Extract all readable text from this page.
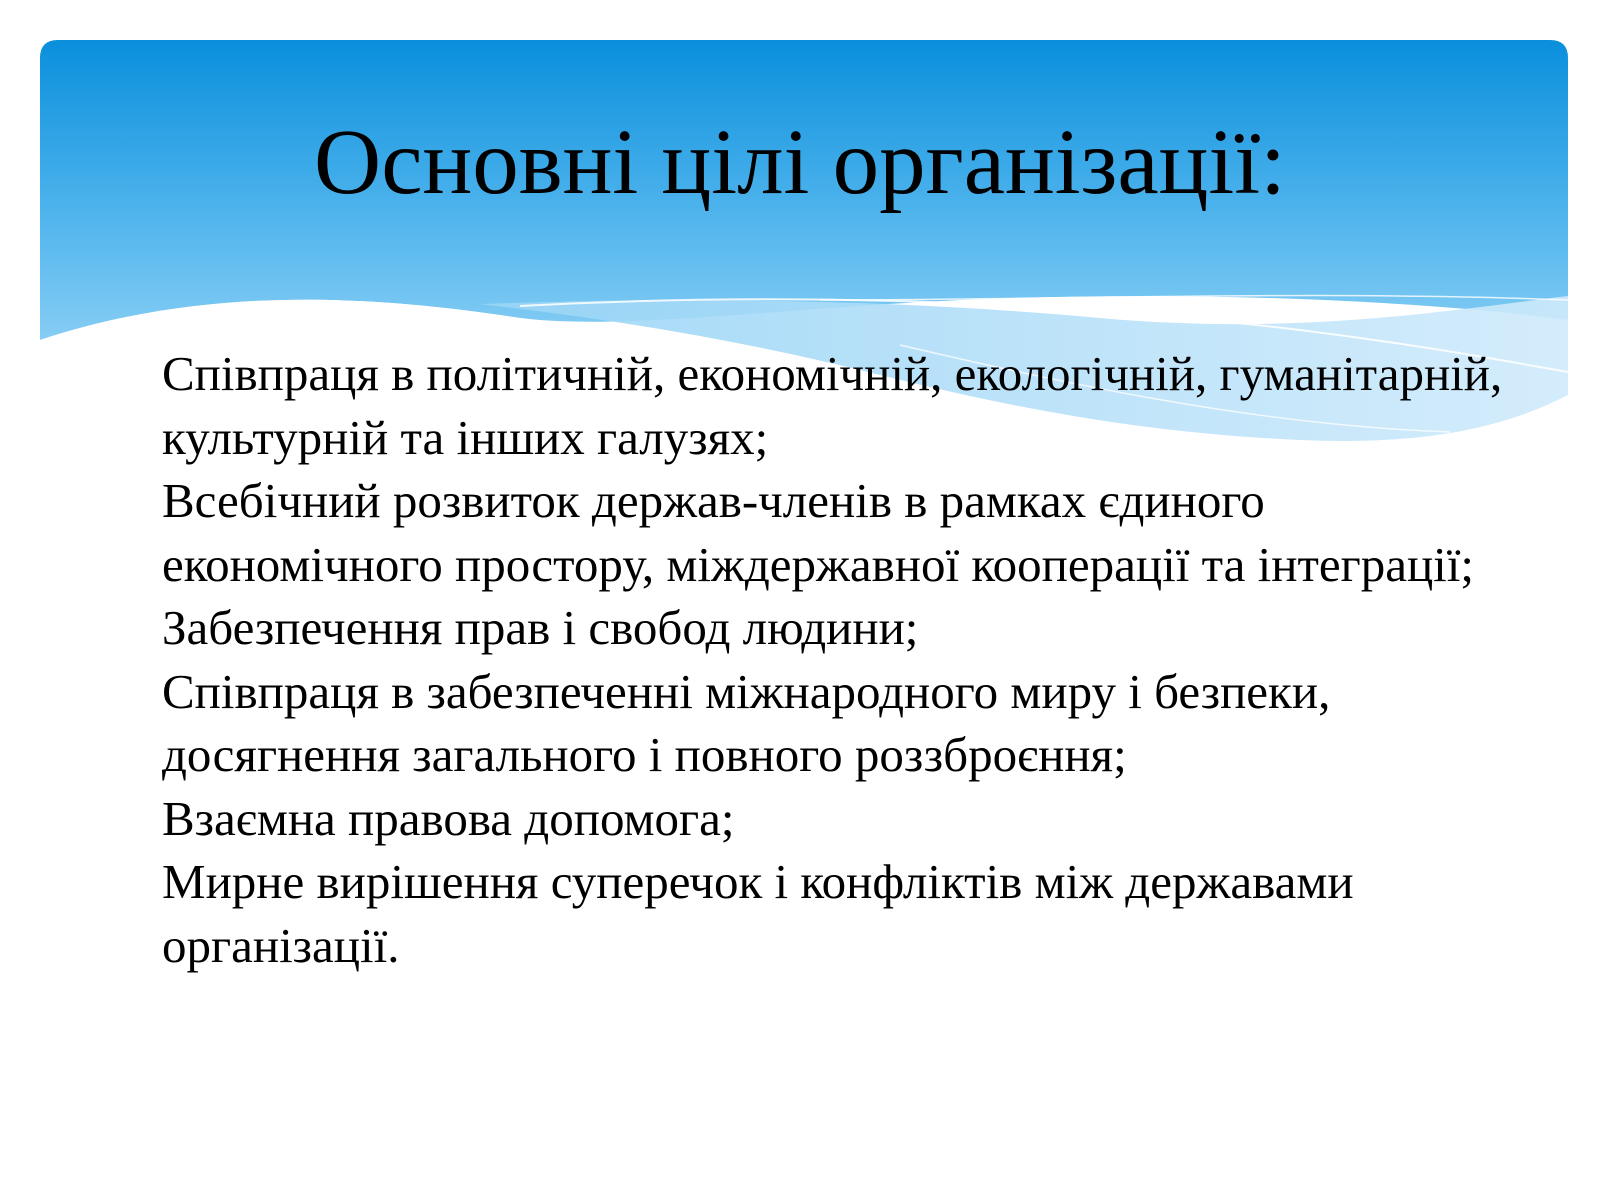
Основні цілі організації:
Співпраця в політичній, економічній, екологічній, гуманітарній, культурній та інших галузях;
Всебічний розвиток держав-членів в рамках єдиного економічного простору, міждержавної кооперації та інтеграції;
Забезпечення прав і свобод людини;
Співпраця в забезпеченні міжнародного миру і безпеки, досягнення загального і повного роззброєння;
Взаємна правова допомога;
Мирне вирішення суперечок і конфліктів між державами організації.
